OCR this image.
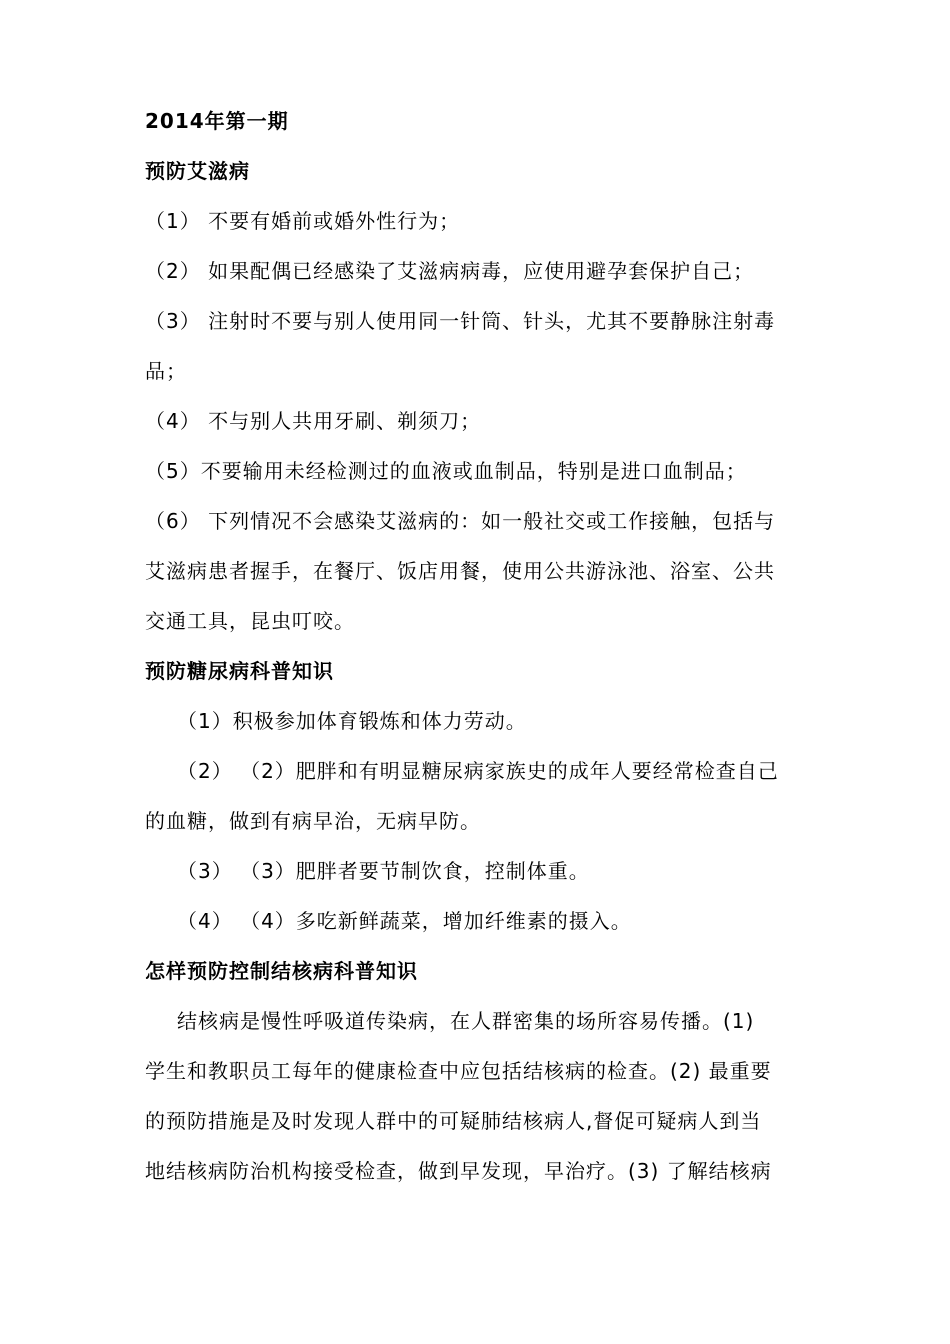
2014年第一期
预防艾滋病
（1） 不要有婚前或婚外性行为；
（2） 如果配偶已经感染了艾滋病病毒，应使用避孕套保护自己；
（3） 注射时不要与别人使用同一针筒、针头，尤其不要静脉注射毒
品；
（4） 不与别人共用牙刷、剃须刀；
（5）不要输用未经检测过的血液或血制品，特别是进口血制品；
（6） 下列情况不会感染艾滋病的：如一般社交或工作接触，包括与
艾滋病患者握手，在餐厅、饭店用餐，使用公共游泳池、浴室、公共
交通工具，昆虫叮咬。
预防糖尿病科普知识
（1）积极参加体育锻炼和体力劳动。
（2） （2）肥胖和有明显糖尿病家族史的成年人要经常检查自己
的血糖，做到有病早治，无病早防。
（3） （3）肥胖者要节制饮食，控制体重。
（4） （4）多吃新鲜蔬菜，增加纤维素的摄入。
怎样预防控制结核病科普知识
结核病是慢性呼吸道传染病，在人群密集的场所容易传播。(1)
学生和教职员工每年的健康检查中应包括结核病的检查。(2) 最重要
的预防措施是及时发现人群中的可疑肺结核病人,督促可疑病人到当
地结核病防治机构接受检查，做到早发现，早治疗。(3) 了解结核病
